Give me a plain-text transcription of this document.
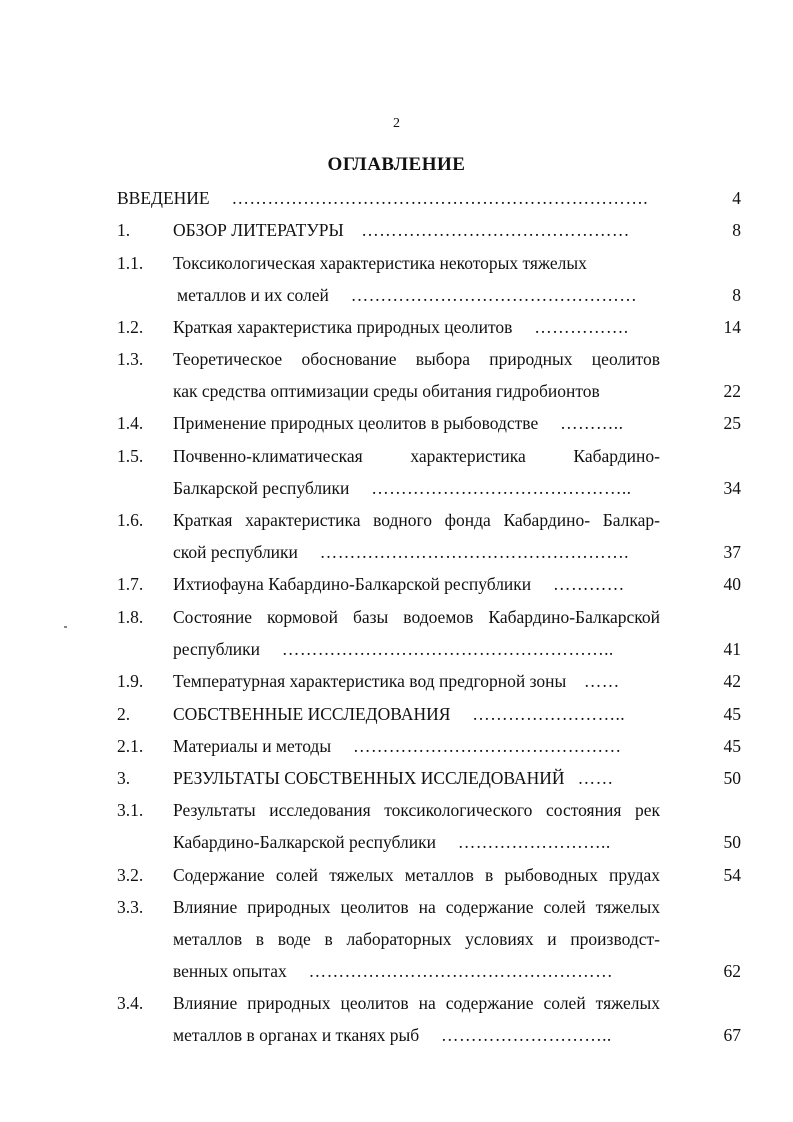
2
ОГЛАВЛЕНИЕ
ВВЕДЕНИЕ …………………………………………………………….	4
1. ОБЗОР ЛИТЕРАТУРЫ ………………………………………	8
1.1. Токсикологическая характеристика некоторых тяжелых
металлов и их солей …………………………………………	8
1.2. Краткая характеристика природных цеолитов …………….	14
1.3. Теоретическое обоснование выбора природных цеолитов
как средства оптимизации среды обитания гидробионтов	22
1.4. Применение природных цеолитов в рыбоводстве ………..	25
1.5. Почвенно-климатическая характеристика Кабардино-
Балкарской республики ……………………………………..	34
1.6. Краткая характеристика водного фонда Кабардино- Балкар-
ской республики …………………………………………….	37
1.7. Ихтиофауна Кабардино-Балкарской республики …………	40
1.8. Состояние кормовой базы водоемов Кабардино-Балкарской
республики ………………………………………………..	41
1.9. Температурная характеристика вод предгорной зоны ……	42
2. СОБСТВЕННЫЕ ИССЛЕДОВАНИЯ ……………………..	45
2.1. Материалы и методы ………………………………………	45
3. РЕЗУЛЬТАТЫ СОБСТВЕННЫХ ИССЛЕДОВАНИЙ ……	50
3.1. Результаты исследования токсикологического состояния рек
Кабардино-Балкарской республики ……………………..	50
3.2. Содержание солей тяжелых металлов в рыбоводных прудах	54
3.3. Влияние природных цеолитов на содержание солей тяжелых
металлов в воде в лабораторных условиях и производст-
венных опытах ……………………………………………	62
3.4. Влияние природных цеолитов на содержание солей тяжелых
металлов в органах и тканях рыб ………………………..	67
